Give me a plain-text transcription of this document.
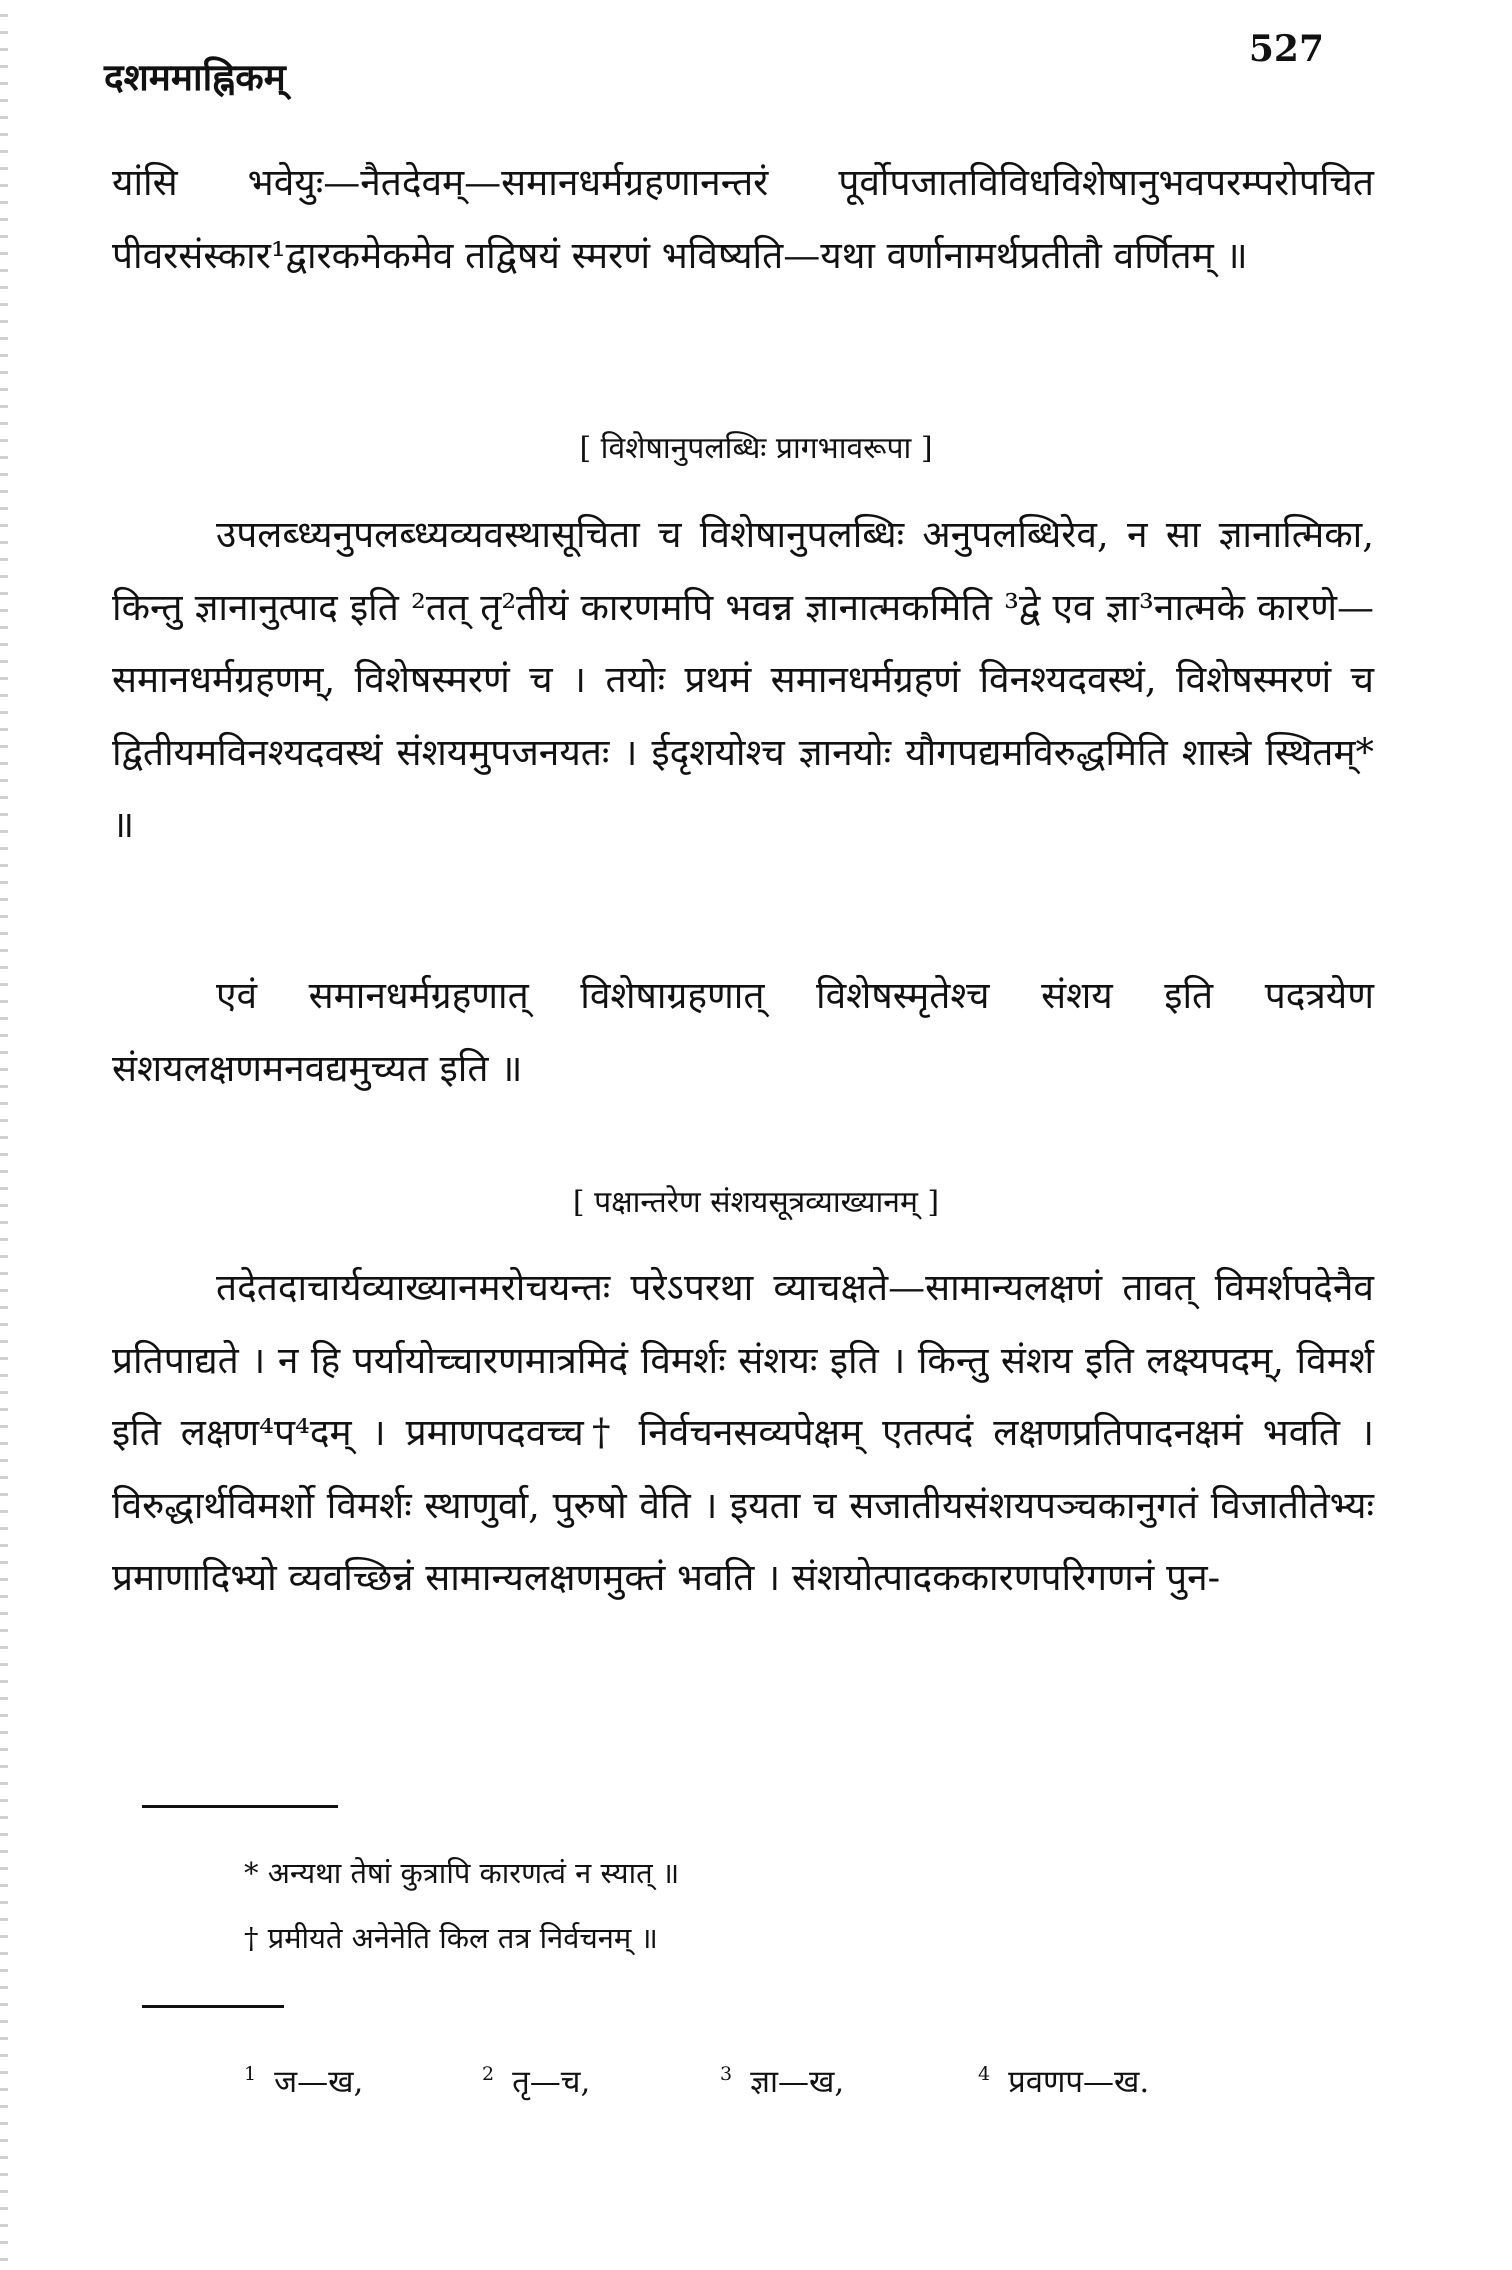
दशममाह्निकम्
527

यांसि भवेयुः—नैतदेवम्—समानधर्मग्रहणानन्तरं पूर्वोपजातविविधविशेषानुभवपरम्परोपचित पीवरसंस्कार¹द्वारकमेकमेव तद्विषयं स्मरणं भविष्यति—यथा वर्णानामर्थप्रतीतौ वर्णितम् ॥

[ विशेषानुपलब्धिः प्रागभावरूपा ]

उपलब्ध्यनुपलब्ध्यव्यवस्थासूचिता च विशेषानुपलब्धिः अनुपलब्धिरेव, न सा ज्ञानात्मिका, किन्तु ज्ञानानुत्पाद इति ²तत् तृ²तीयं कारणमपि भवन्न ज्ञानात्मकमिति ³द्वे एव ज्ञा³नात्मके कारणे—समानधर्मग्रहणम्, विशेषस्मरणं च । तयोः प्रथमं समानधर्मग्रहणं विनश्यदवस्थं, विशेषस्मरणं च द्वितीयमविनश्यदवस्थं संशयमुपजनयतः । ईदृशयोश्च ज्ञानयोः यौगपद्यमविरुद्धमिति शास्त्रे स्थितम्* ॥

एवं समानधर्मग्रहणात् विशेषाग्रहणात् विशेषस्मृतेश्च संशय इति पदत्रयेण संशयलक्षणमनवद्यमुच्यत इति ॥

[ पक्षान्तरेण संशयसूत्रव्याख्यानम् ]

तदेतदाचार्यव्याख्यानमरोचयन्तः परेऽपरथा व्याचक्षते—सामान्यलक्षणं तावत् विमर्शपदेनैव प्रतिपाद्यते । न हि पर्यायोच्चारणमात्रमिदं विमर्शः संशयः इति । किन्तु संशय इति लक्ष्यपदम्, विमर्श इति लक्षण⁴प⁴दम् । प्रमाणपदवच्च† निर्वचनसव्यपेक्षम् एतत्पदं लक्षणप्रतिपादनक्षमं भवति । विरुद्धार्थविमर्शो विमर्शः स्थाणुर्वा, पुरुषो वेति । इयता च सजातीयसंशयपञ्चकानुगतं विजातीतेभ्यः प्रमाणादिभ्यो व्यवच्छिन्नं सामान्यलक्षणमुक्तं भवति । संशयोत्पादककारणपरिगणनं पुन-

* अन्यथा तेषां कुत्रापि कारणत्वं न स्यात् ॥

† प्रमीयते अनेनेति किल तत्र निर्वचनम् ॥

$^1$ ज—ख,	$^2$ तृ—च,	$^3$ ज्ञा—ख,	$^4$ प्रवणप—ख.
